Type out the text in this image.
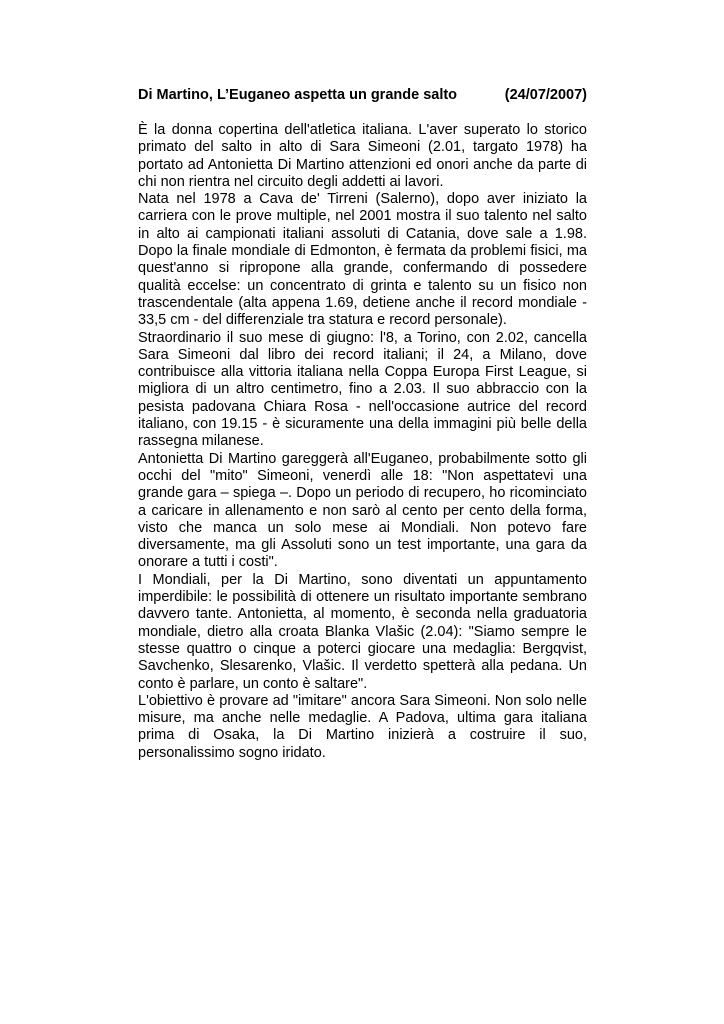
Di Martino, L’Euganeo aspetta un grande salto	(24/07/2007)

È la donna copertina dell'atletica italiana. L'aver superato lo storico primato del salto in alto di Sara Simeoni (2.01, targato 1978) ha portato ad Antonietta Di Martino attenzioni ed onori anche da parte di chi non rientra nel circuito degli addetti ai lavori.

Nata nel 1978 a Cava de' Tirreni (Salerno), dopo aver iniziato la carriera con le prove multiple, nel 2001 mostra il suo talento nel salto in alto ai campionati italiani assoluti di Catania, dove sale a 1.98. Dopo la finale mondiale di Edmonton, è fermata da problemi fisici, ma quest'anno si ripropone alla grande, confermando di possedere qualità eccelse: un concentrato di grinta e talento su un fisico non trascendentale (alta appena 1.69, detiene anche il record mondiale - 33,5 cm - del differenziale tra statura e record personale).

Straordinario il suo mese di giugno: l'8, a Torino, con 2.02, cancella Sara Simeoni dal libro dei record italiani; il 24, a Milano, dove contribuisce alla vittoria italiana nella Coppa Europa First League, si migliora di un altro centimetro, fino a 2.03. Il suo abbraccio con la pesista padovana Chiara Rosa - nell'occasione autrice del record italiano, con 19.15 - è sicuramente una della immagini più belle della rassegna milanese.

Antonietta Di Martino gareggerà all'Euganeo, probabilmente sotto gli occhi del "mito" Simeoni, venerdì alle 18: "Non aspettatevi una grande gara – spiega –. Dopo un periodo di recupero, ho ricominciato a caricare in allenamento e non sarò al cento per cento della forma, visto che manca un solo mese ai Mondiali. Non potevo fare diversamente, ma gli Assoluti sono un test importante, una gara da onorare a tutti i costi".

I Mondiali, per la Di Martino, sono diventati un appuntamento imperdibile: le possibilità di ottenere un risultato importante sembrano davvero tante. Antonietta, al momento, è seconda nella graduatoria mondiale, dietro alla croata Blanka Vlašic (2.04): "Siamo sempre le stesse quattro o cinque a poterci giocare una medaglia: Bergqvist, Savchenko, Slesarenko, Vlašic. Il verdetto spetterà alla pedana. Un conto è parlare, un conto è saltare".

L'obiettivo è provare ad "imitare" ancora Sara Simeoni. Non solo nelle misure, ma anche nelle medaglie. A Padova, ultima gara italiana prima di Osaka, la Di Martino inizierà a costruire il suo, personalissimo sogno iridato.
